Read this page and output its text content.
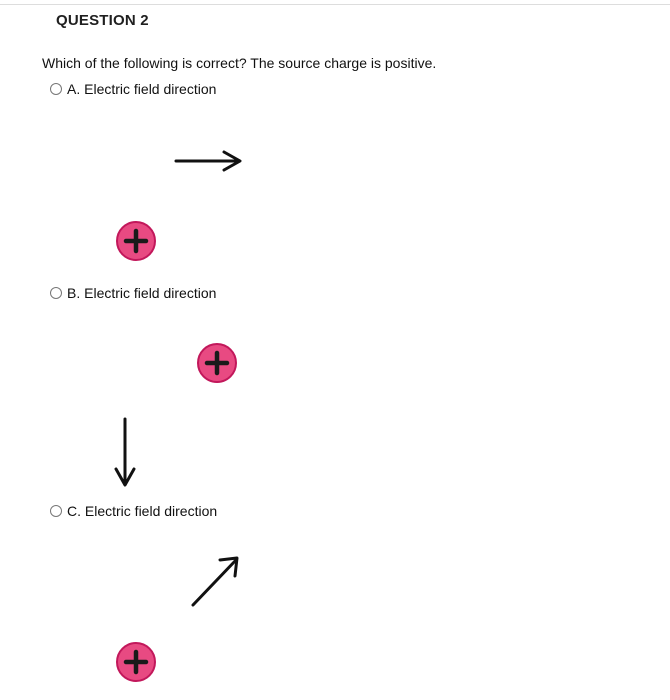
QUESTION 2
Which of the following is correct? The source charge is positive.
A. Electric field direction
B. Electric field direction
C. Electric field direction
